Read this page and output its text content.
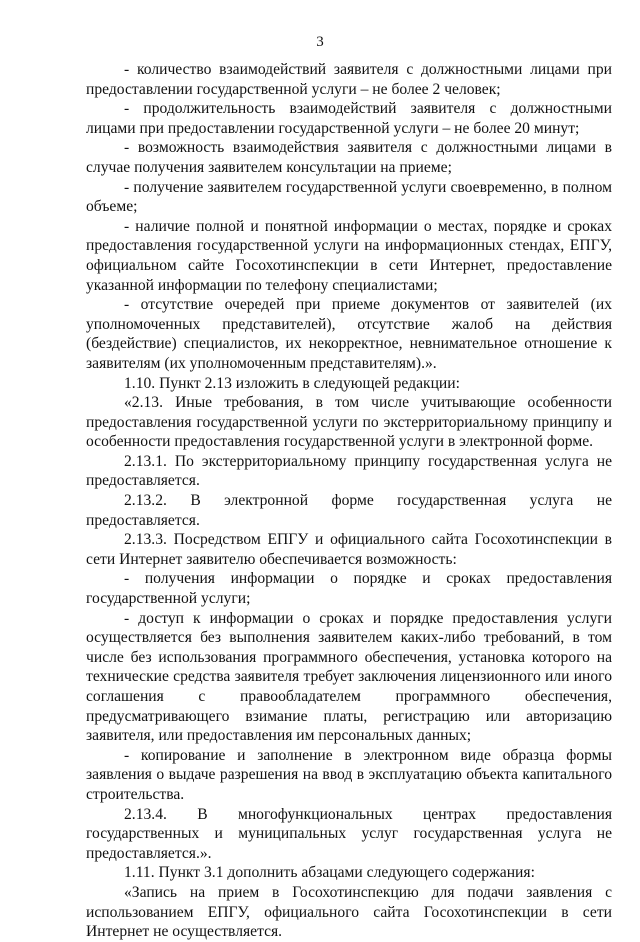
3

- количество взаимодействий заявителя с должностными лицами при предоставлении государственной услуги – не более 2 человек;

- продолжительность взаимодействий заявителя с должностными лицами при предоставлении государственной услуги – не более 20 минут;

- возможность взаимодействия заявителя с должностными лицами в случае получения заявителем консультации на приеме;

- получение заявителем государственной услуги своевременно, в полном объеме;

- наличие полной и понятной информации о местах, порядке и сроках предоставления государственной услуги на информационных стендах, ЕПГУ, официальном сайте Госохотинспекции в сети Интернет, предоставление указанной информации по телефону специалистами;

- отсутствие очередей при приеме документов от заявителей (их уполномоченных представителей), отсутствие жалоб на действия (бездействие) специалистов, их некорректное, невнимательное отношение к заявителям (их уполномоченным представителям).».

1.10. Пункт 2.13 изложить в следующей редакции:

«2.13. Иные требования, в том числе учитывающие особенности предоставления государственной услуги по экстерриториальному принципу и особенности предоставления государственной услуги в электронной форме.

2.13.1. По экстерриториальному принципу государственная услуга не предоставляется.

2.13.2. В электронной форме государственная услуга не предоставляется.

2.13.3. Посредством ЕПГУ и официального сайта Госохотинспекции в сети Интернет заявителю обеспечивается возможность:

- получения информации о порядке и сроках предоставления государственной услуги;

- доступ к информации о сроках и порядке предоставления услуги осуществляется без выполнения заявителем каких-либо требований, в том числе без использования программного обеспечения, установка которого на технические средства заявителя требует заключения лицензионного или иного соглашения с правообладателем программного обеспечения, предусматривающего взимание платы, регистрацию или авторизацию заявителя, или предоставления им персональных данных;

- копирование и заполнение в электронном виде образца формы заявления о выдаче разрешения на ввод в эксплуатацию объекта капитального строительства.

2.13.4. В многофункциональных центрах предоставления государственных и муниципальных услуг государственная услуга не предоставляется.».

1.11. Пункт 3.1 дополнить абзацами следующего содержания:

«Запись на прием в Госохотинспекцию для подачи заявления с использованием ЕПГУ, официального сайта Госохотинспекции в сети Интернет не осуществляется.
